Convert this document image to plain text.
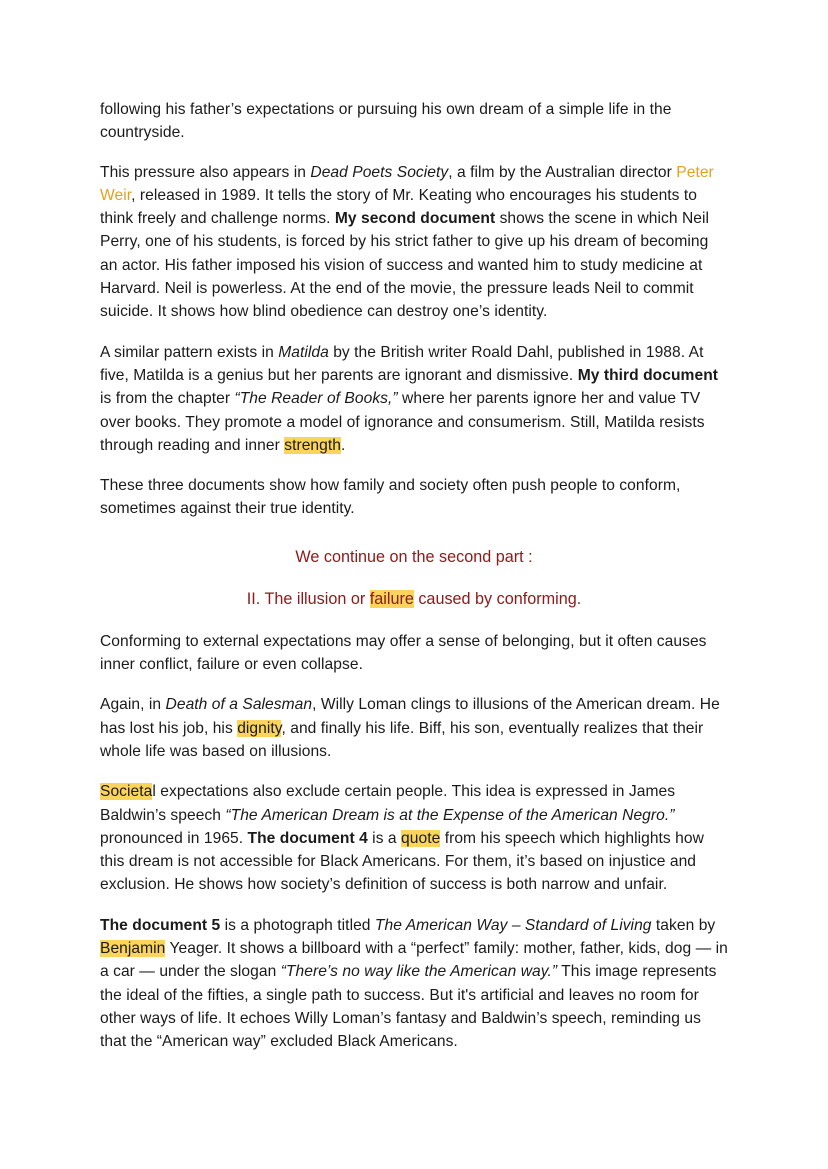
following his father’s expectations or pursuing his own dream of a simple life in the countryside.

This pressure also appears in Dead Poets Society, a film by the Australian director Peter Weir, released in 1989. It tells the story of Mr. Keating who encourages his students to think freely and challenge norms. My second document shows the scene in which Neil Perry, one of his students, is forced by his strict father to give up his dream of becoming an actor. His father imposed his vision of success and wanted him to study medicine at Harvard. Neil is powerless. At the end of the movie, the pressure leads Neil to commit suicide. It shows how blind obedience can destroy one’s identity.

A similar pattern exists in Matilda by the British writer Roald Dahl, published in 1988. At five, Matilda is a genius but her parents are ignorant and dismissive. My third document is from the chapter “The Reader of Books,” where her parents ignore her and value TV over books. They promote a model of ignorance and consumerism. Still, Matilda resists through reading and inner strength.

These three documents show how family and society often push people to conform, sometimes against their true identity.

We continue on the second part :

II. The illusion or failure caused by conforming.

Conforming to external expectations may offer a sense of belonging, but it often causes inner conflict, failure or even collapse.

Again, in Death of a Salesman, Willy Loman clings to illusions of the American dream. He has lost his job, his dignity, and finally his life. Biff, his son, eventually realizes that their whole life was based on illusions.

Societal expectations also exclude certain people. This idea is expressed in James Baldwin’s speech “The American Dream is at the Expense of the American Negro.” pronounced in 1965. The document 4 is a quote from his speech which highlights how this dream is not accessible for Black Americans. For them, it’s based on injustice and exclusion. He shows how society’s definition of success is both narrow and unfair.

The document 5 is a photograph titled The American Way – Standard of Living taken by Benjamin Yeager. It shows a billboard with a “perfect” family: mother, father, kids, dog — in a car — under the slogan “There’s no way like the American way.” This image represents the ideal of the fifties, a single path to success. But it's artificial and leaves no room for other ways of life. It echoes Willy Loman’s fantasy and Baldwin’s speech, reminding us that the “American way” excluded Black Americans.
